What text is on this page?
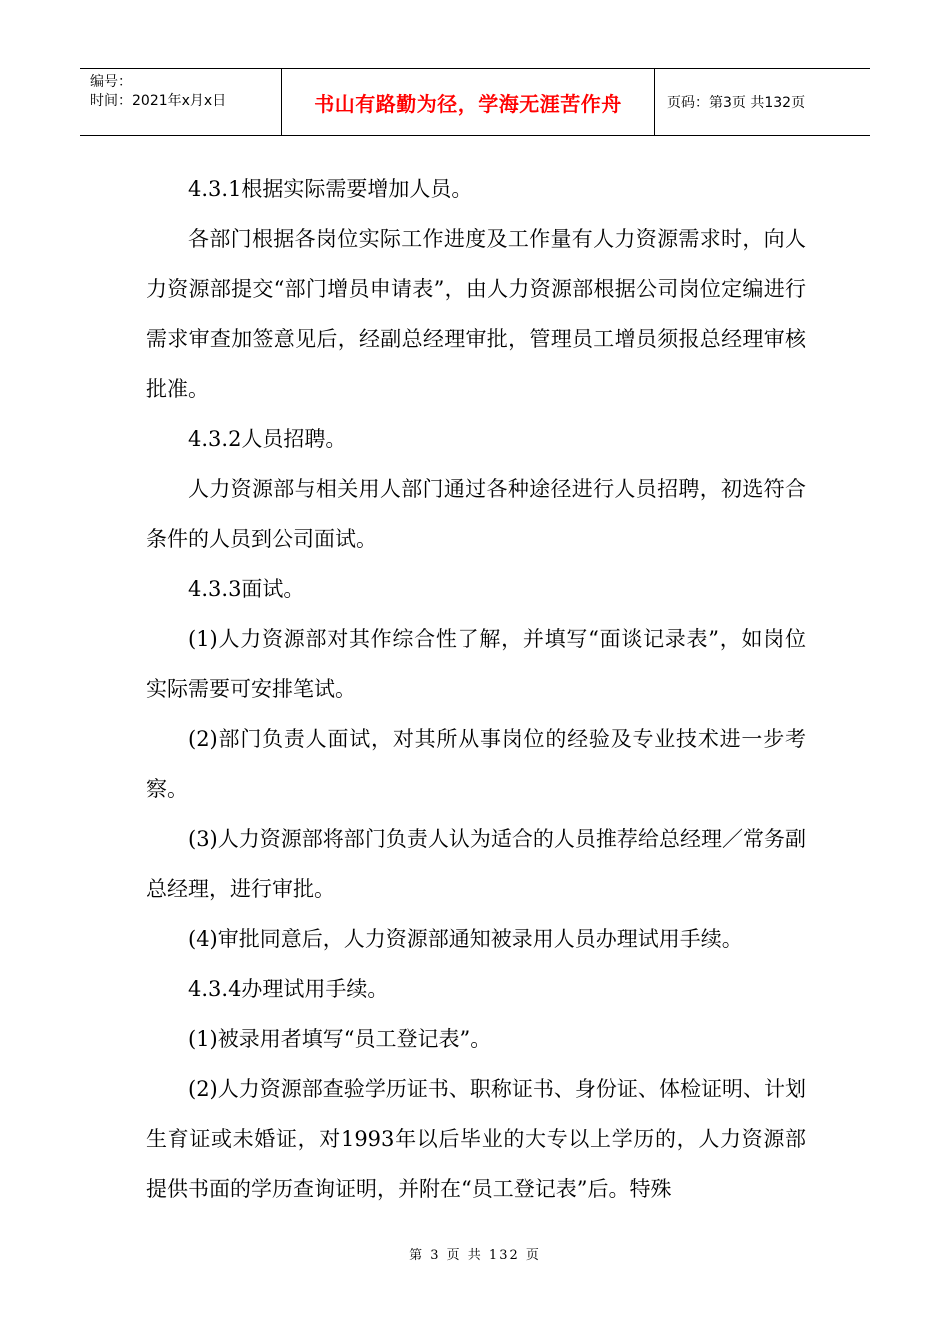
编号：
时间：2021年x月x日	书山有路勤为径，学海无涯苦作舟	页码：第3页 共132页

4.3.1根据实际需要增加人员。

各部门根据各岗位实际工作进度及工作量有人力资源需求时，向人力资源部提交“部门增员申请表”，由人力资源部根据公司岗位定编进行需求审查加签意见后，经副总经理审批，管理员工增员须报总经理审核批准。

4.3.2人员招聘。

人力资源部与相关用人部门通过各种途径进行人员招聘，初选符合条件的人员到公司面试。

4.3.3面试。

(1)人力资源部对其作综合性了解，并填写“面谈记录表”，如岗位实际需要可安排笔试。

(2)部门负责人面试，对其所从事岗位的经验及专业技术进一步考察。

(3)人力资源部将部门负责人认为适合的人员推荐给总经理／常务副总经理，进行审批。

(4)审批同意后，人力资源部通知被录用人员办理试用手续。

4.3.4办理试用手续。

(1)被录用者填写“员工登记表”。

(2)人力资源部查验学历证书、职称证书、身份证、体检证明、计划生育证或未婚证，对1993年以后毕业的大专以上学历的，人力资源部提供书面的学历查询证明，并附在“员工登记表”后。特殊

第 3 页 共 132 页
